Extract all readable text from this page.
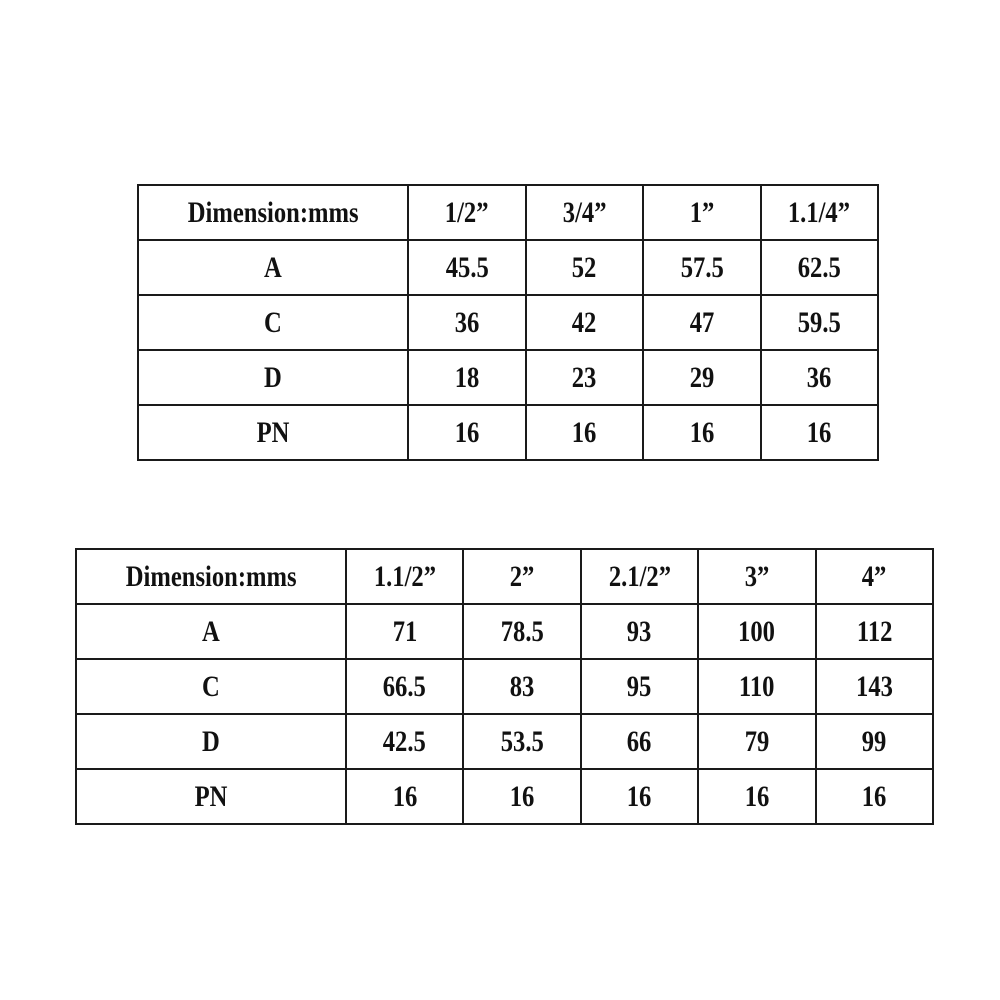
Dimension:mms	1/2”	3/4”	1”	1.1/4”
A	45.5	52	57.5	62.5
C	36	42	47	59.5
D	18	23	29	36
PN	16	16	16	16
Dimension:mms	1.1/2”	2”	2.1/2”	3”	4”
A	71	78.5	93	100	112
C	66.5	83	95	110	143
D	42.5	53.5	66	79	99
PN	16	16	16	16	16
